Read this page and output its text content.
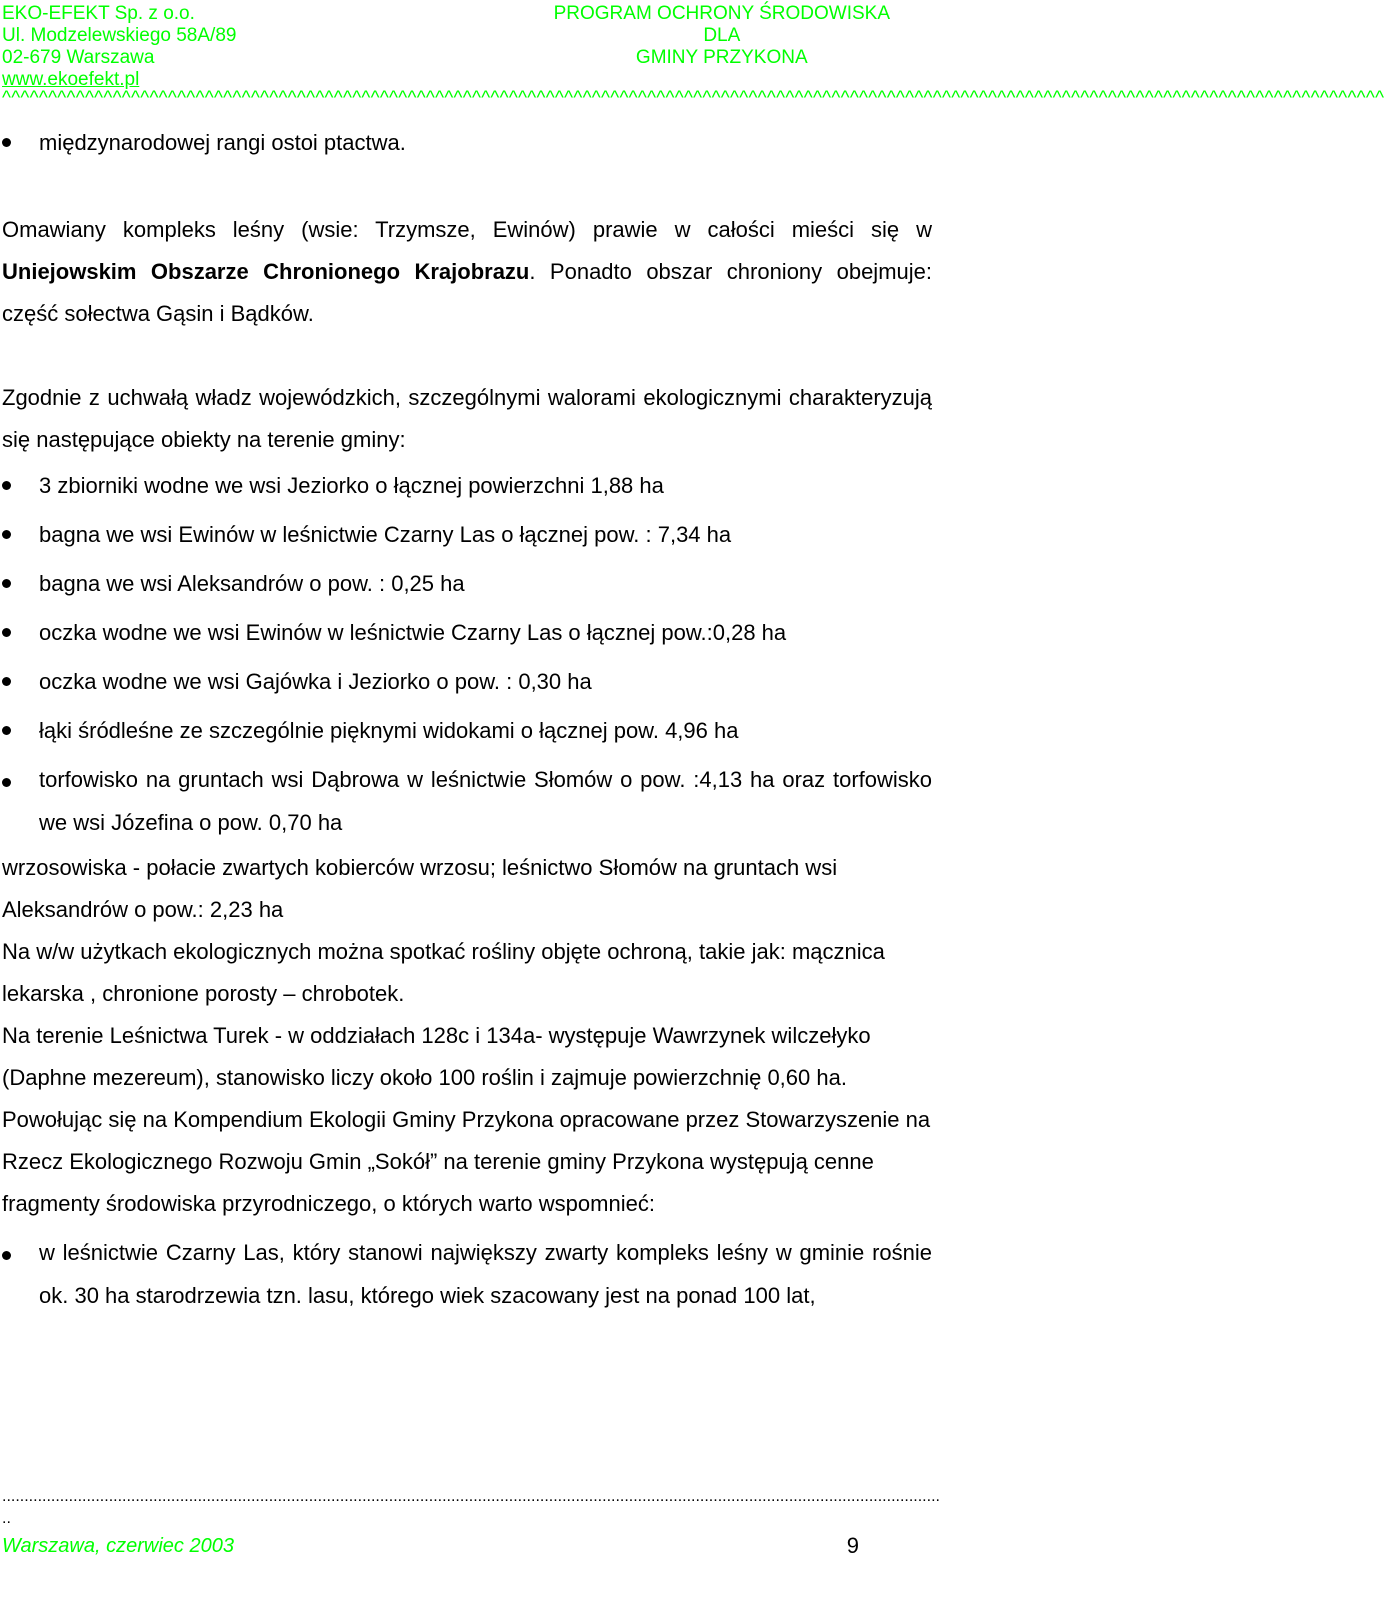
EKO-EFEKT Sp. z o.o.
Ul. Modzelewskiego 58A/89
02-679 Warszawa
www.ekoefekt.pl
PROGRAM OCHRONY ŚRODOWISKA
DLA
GMINY PRZYKONA
^^^^^^^^^^^^^^^^^^^^^^^^^^^^^^^^^^^^^^^^^^^^^^^^^^^^^^^^^^^^^^^^^^^^^^^^^^^^^^^^^^^^^^^^^^^^^^^^^^^^^^^^^^^^^^^^^^^^^^^^^^^^^^^^^^^^^^^^^^^^^^^^^^^^^^
międzynarodowej rangi ostoi ptactwa.

Omawiany kompleks leśny (wsie: Trzymsze, Ewinów) prawie w całości mieści się w Uniejowskim Obszarze Chronionego Krajobrazu. Ponadto obszar chroniony obejmuje: część sołectwa Gąsin i Bądków.

Zgodnie z uchwałą władz wojewódzkich, szczególnymi walorami ekologicznymi charakteryzują się następujące obiekty na terenie gminy:

3 zbiorniki wodne we wsi Jeziorko o łącznej powierzchni 1,88 ha
bagna we wsi Ewinów w leśnictwie Czarny Las o łącznej pow. : 7,34 ha
bagna we wsi Aleksandrów o pow. : 0,25 ha
oczka wodne we wsi Ewinów w leśnictwie Czarny Las o łącznej pow.:0,28 ha
oczka wodne we wsi Gajówka i Jeziorko o pow. : 0,30 ha
łąki śródleśne ze szczególnie pięknymi widokami o łącznej pow. 4,96 ha
torfowisko na gruntach wsi Dąbrowa w leśnictwie Słomów o pow. :4,13 ha oraz torfowisko we wsi Józefina o pow. 0,70 ha

wrzosowiska - połacie zwartych kobierców wrzosu; leśnictwo Słomów na gruntach wsi Aleksandrów o pow.: 2,23 ha

Na w/w użytkach ekologicznych można spotkać rośliny objęte ochroną, takie jak: mącznica lekarska , chronione porosty – chrobotek.

Na terenie Leśnictwa Turek - w oddziałach 128c i 134a- występuje Wawrzynek wilczełyko (Daphne mezereum), stanowisko liczy około 100 roślin i zajmuje powierzchnię 0,60 ha.

Powołując się na Kompendium Ekologii Gminy Przykona opracowane przez Stowarzyszenie na Rzecz Ekologicznego Rozwoju Gmin „Sokół” na terenie gminy Przykona występują cenne fragmenty środowiska przyrodniczego, o których warto wspomnieć:

w leśnictwie Czarny Las, który stanowi największy zwarty kompleks leśny w gminie rośnie ok. 30 ha starodrzewia tzn. lasu, którego wiek szacowany jest na ponad 100 lat,
...................................................................................................................................................................................................................
..
Warszawa, czerwiec 2003	9
